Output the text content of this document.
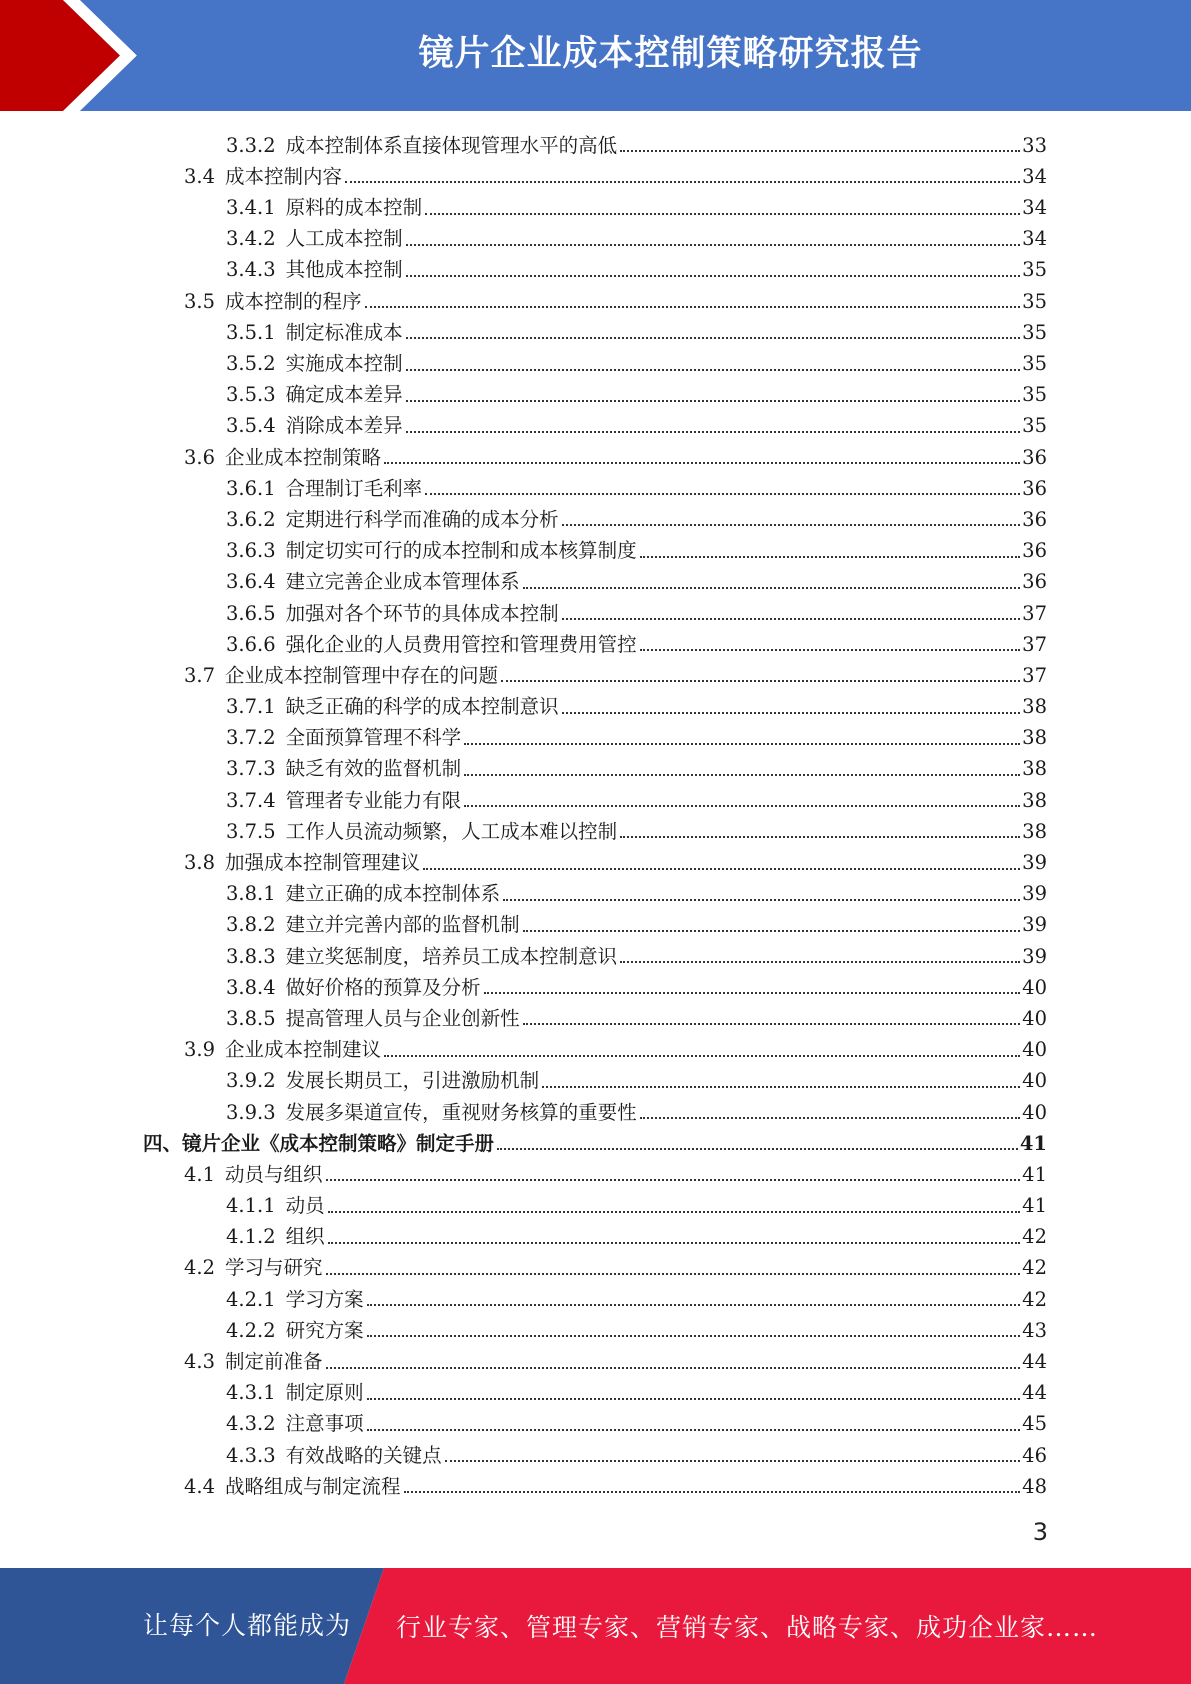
镜片企业成本控制策略研究报告
3.3.2 成本控制体系直接体现管理水平的高低	33
3.4 成本控制内容	34
3.4.1 原料的成本控制	34
3.4.2 人工成本控制	34
3.4.3 其他成本控制	35
3.5 成本控制的程序	35
3.5.1 制定标准成本	35
3.5.2 实施成本控制	35
3.5.3 确定成本差异	35
3.5.4 消除成本差异	35
3.6 企业成本控制策略	36
3.6.1 合理制订毛利率	36
3.6.2 定期进行科学而准确的成本分析	36
3.6.3 制定切实可行的成本控制和成本核算制度	36
3.6.4 建立完善企业成本管理体系	36
3.6.5 加强对各个环节的具体成本控制	37
3.6.6 强化企业的人员费用管控和管理费用管控	37
3.7 企业成本控制管理中存在的问题	37
3.7.1 缺乏正确的科学的成本控制意识	38
3.7.2 全面预算管理不科学	38
3.7.3 缺乏有效的监督机制	38
3.7.4 管理者专业能力有限	38
3.7.5 工作人员流动频繁，人工成本难以控制	38
3.8 加强成本控制管理建议	39
3.8.1 建立正确的成本控制体系	39
3.8.2 建立并完善内部的监督机制	39
3.8.3 建立奖惩制度，培养员工成本控制意识	39
3.8.4 做好价格的预算及分析	40
3.8.5 提高管理人员与企业创新性	40
3.9 企业成本控制建议	40
3.9.2 发展长期员工，引进激励机制	40
3.9.3 发展多渠道宣传，重视财务核算的重要性	40
四、镜片企业《成本控制策略》制定手册	41
4.1 动员与组织	41
4.1.1 动员	41
4.1.2 组织	42
4.2 学习与研究	42
4.2.1 学习方案	42
4.2.2 研究方案	43
4.3 制定前准备	44
4.3.1 制定原则	44
4.3.2 注意事项	45
4.3.3 有效战略的关键点	46
4.4 战略组成与制定流程	48
3
让每个人都能成为 行业专家、管理专家、营销专家、战略专家、成功企业家……
